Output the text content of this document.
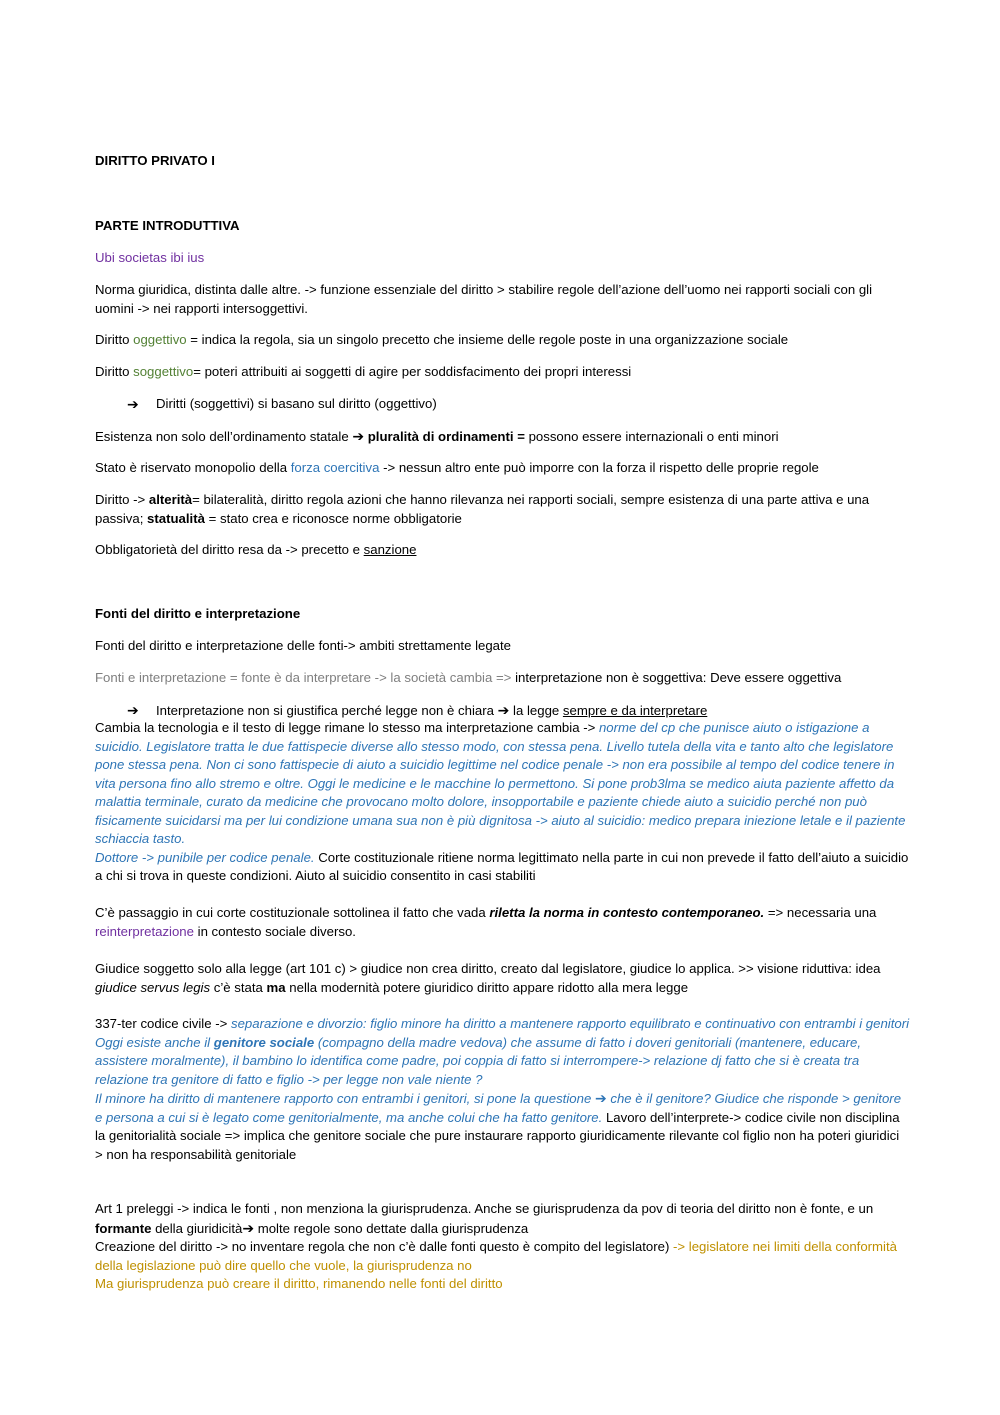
DIRITTO PRIVATO I
PARTE INTRODUTTIVA
Ubi societas ibi ius
Norma giuridica, distinta dalle altre. -> funzione essenziale del diritto > stabilire regole dell’azione dell’uomo nei rapporti sociali con gli uomini -> nei rapporti intersoggettivi.
Diritto oggettivo = indica la regola, sia un singolo precetto che insieme delle regole poste in una organizzazione sociale
Diritto soggettivo= poteri attribuiti ai soggetti di agire per soddisfacimento dei propri interessi
➔ Diritti (soggettivi) si basano sul diritto (oggettivo)
Esistenza non solo dell’ordinamento statale ➔ pluralità di ordinamenti = possono essere internazionali o enti minori
Stato è riservato monopolio della forza coercitiva -> nessun altro ente può imporre con la forza il rispetto delle proprie regole
Diritto -> alterità= bilateralità, diritto regola azioni che hanno rilevanza nei rapporti sociali, sempre esistenza di una parte attiva e una passiva; statualità = stato crea e riconosce norme obbligatorie
Obbligatorietà del diritto resa da -> precetto e sanzione
Fonti del diritto e interpretazione
Fonti del diritto e interpretazione delle fonti-> ambiti strettamente legate
Fonti e interpretazione = fonte è da interpretare -> la società cambia => interpretazione non è soggettiva: Deve essere oggettiva
➔ Interpretazione non si giustifica perché legge non è chiara ➔ la legge sempre e da interpretare
Cambia la tecnologia e il testo di legge rimane lo stesso ma interpretazione cambia -> norme del cp che punisce aiuto o istigazione a suicidio. Legislatore tratta le due fattispecie diverse allo stesso modo, con stessa pena. Livello tutela della vita e tanto alto che legislatore pone stessa pena. Non ci sono fattispecie di aiuto a suicidio legittime nel codice penale -> non era possibile al tempo del codice tenere in vita persona fino allo stremo e oltre. Oggi le medicine e le macchine lo permettono. Si pone prob3lma se medico aiuta paziente affetto da malattia terminale, curato da medicine che provocano molto dolore, insopportabile e paziente chiede aiuto a suicidio perché non può fisicamente suicidarsi ma per lui condizione umana sua non è più dignitosa -> aiuto al suicidio: medico prepara iniezione letale e il paziente schiaccia tasto.
Dottore -> punibile per codice penale. Corte costituzionale ritiene norma legittimato nella parte in cui non prevede il fatto dell’aiuto a suicidio a chi si trova in queste condizioni. Aiuto al suicidio consentito in casi stabiliti
C’è passaggio in cui corte costituzionale sottolinea il fatto che vada riletta la norma in contesto contemporaneo. => necessaria una reinterpretazione in contesto sociale diverso.
Giudice soggetto solo alla legge (art 101 c) > giudice non crea diritto, creato dal legislatore, giudice lo applica. >> visione riduttiva: idea giudice servus legis c’è stata ma nella modernità potere giuridico diritto appare ridotto alla mera legge
337-ter codice civile -> separazione e divorzio: figlio minore ha diritto a mantenere rapporto equilibrato e continuativo con entrambi i genitori
Oggi esiste anche il genitore sociale (compagno della madre vedova) che assume di fatto i doveri genitoriali (mantenere, educare, assistere moralmente), il bambino lo identifica come padre, poi coppia di fatto si interrompere-> relazione dj fatto che si è creata tra relazione tra genitore di fatto e figlio -> per legge non vale niente ?
Il minore ha diritto di mantenere rapporto con entrambi i genitori, si pone la questione ➔ che è il genitore? Giudice che risponde > genitore e persona a cui si è legato come genitorialmente, ma anche colui che ha fatto genitore. Lavoro dell’interprete-> codice civile non disciplina la genitorialità sociale => implica che genitore sociale che pure instaurare rapporto giuridicamente rilevante col figlio non ha poteri giuridici > non ha responsabilità genitoriale
Art 1 preleggi -> indica le fonti , non menziona la giurisprudenza. Anche se giurisprudenza da pov di teoria del diritto non è fonte, e un formante della giuridicità➔ molte regole sono dettate dalla giurisprudenza
Creazione del diritto -> no inventare regola che non c’è dalle fonti questo è compito del legislatore) -> legislatore nei limiti della conformità della legislazione può dire quello che vuole, la giurisprudenza no
Ma giurisprudenza può creare il diritto, rimanendo nelle fonti del diritto
